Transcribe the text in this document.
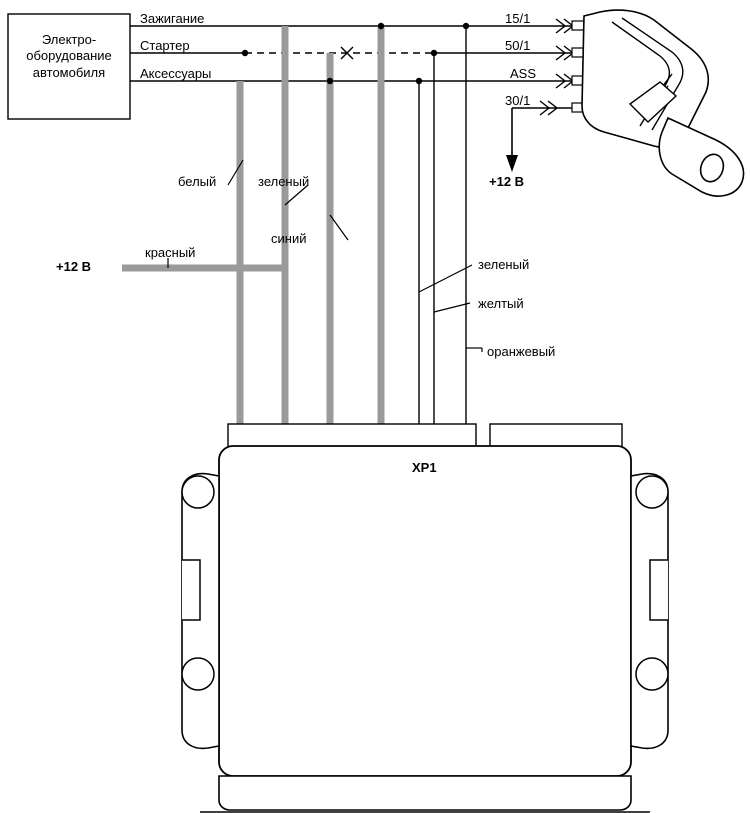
Электро-
оборудование
автомобиля
Зажигание
Стартер
Аксессуары
15/1
50/1
ASS
30/1
+12 В
+12 В
белый	зеленый
синий
красный
зеленый
желтый
оранжевый
XP1
